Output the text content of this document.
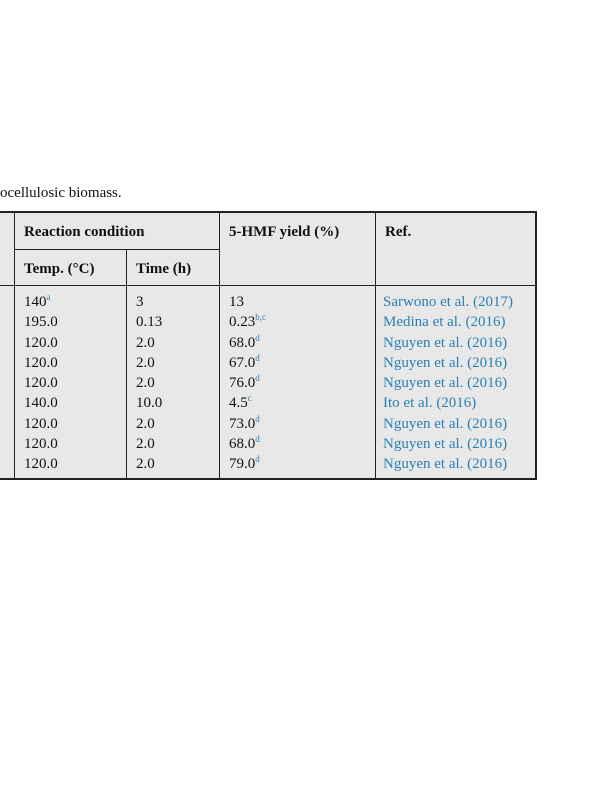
ocellulosic biomass.
Reaction condition
Temp. (°C)	Time (h)
5-HMF yield (%)	Ref.
140$^a$
195.0
120.0
120.0
120.0
140.0
120.0
120.0
120.0
3
0.13
2.0
2.0
2.0
10.0
2.0
2.0
2.0
13
0.23$^{b,c}$
68.0$^d$
67.0$^d$
76.0$^d$
4.5$^c$
73.0$^d$
68.0$^d$
79.0$^d$
Sarwono et al. (2017)
Medina et al. (2016)
Nguyen et al. (2016)
Nguyen et al. (2016)
Nguyen et al. (2016)
Ito et al. (2016)
Nguyen et al. (2016)
Nguyen et al. (2016)
Nguyen et al. (2016)
